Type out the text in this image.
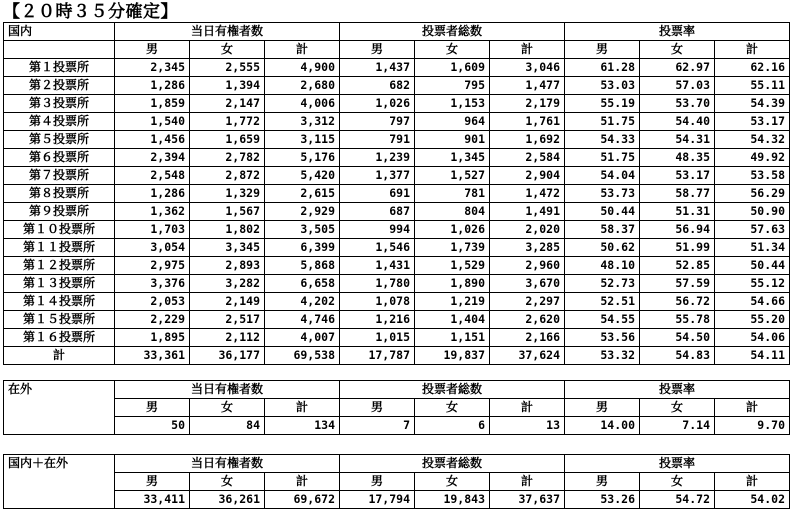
【２０時３５分確定】
国内	当日有権者数			投票者総数			投票率		
	男	女	計	男	女	計	男	女	計
第１投票所	2,345	2,555	4,900	1,437	1,609	3,046	61.28	62.97	62.16
第２投票所	1,286	1,394	2,680	682	795	1,477	53.03	57.03	55.11
第３投票所	1,859	2,147	4,006	1,026	1,153	2,179	55.19	53.70	54.39
第４投票所	1,540	1,772	3,312	797	964	1,761	51.75	54.40	53.17
第５投票所	1,456	1,659	3,115	791	901	1,692	54.33	54.31	54.32
第６投票所	2,394	2,782	5,176	1,239	1,345	2,584	51.75	48.35	49.92
第７投票所	2,548	2,872	5,420	1,377	1,527	2,904	54.04	53.17	53.58
第８投票所	1,286	1,329	2,615	691	781	1,472	53.73	58.77	56.29
第９投票所	1,362	1,567	2,929	687	804	1,491	50.44	51.31	50.90
第１０投票所	1,703	1,802	3,505	994	1,026	2,020	58.37	56.94	57.63
第１１投票所	3,054	3,345	6,399	1,546	1,739	3,285	50.62	51.99	51.34
第１２投票所	2,975	2,893	5,868	1,431	1,529	2,960	48.10	52.85	50.44
第１３投票所	3,376	3,282	6,658	1,780	1,890	3,670	52.73	57.59	55.12
第１４投票所	2,053	2,149	4,202	1,078	1,219	2,297	52.51	56.72	54.66
第１５投票所	2,229	2,517	4,746	1,216	1,404	2,620	54.55	55.78	55.20
第１６投票所	1,895	2,112	4,007	1,015	1,151	2,166	53.56	54.50	54.06
計	33,361	36,177	69,538	17,787	19,837	37,624	53.32	54.83	54.11
在外	当日有権者数			投票者総数			投票率		
	男	女	計	男	女	計	男	女	計
	50	84	134	7	6	13	14.00	7.14	9.70
国内＋在外	当日有権者数			投票者総数			投票率		
	男	女	計	男	女	計	男	女	計
	33,411	36,261	69,672	17,794	19,843	37,637	53.26	54.72	54.02
